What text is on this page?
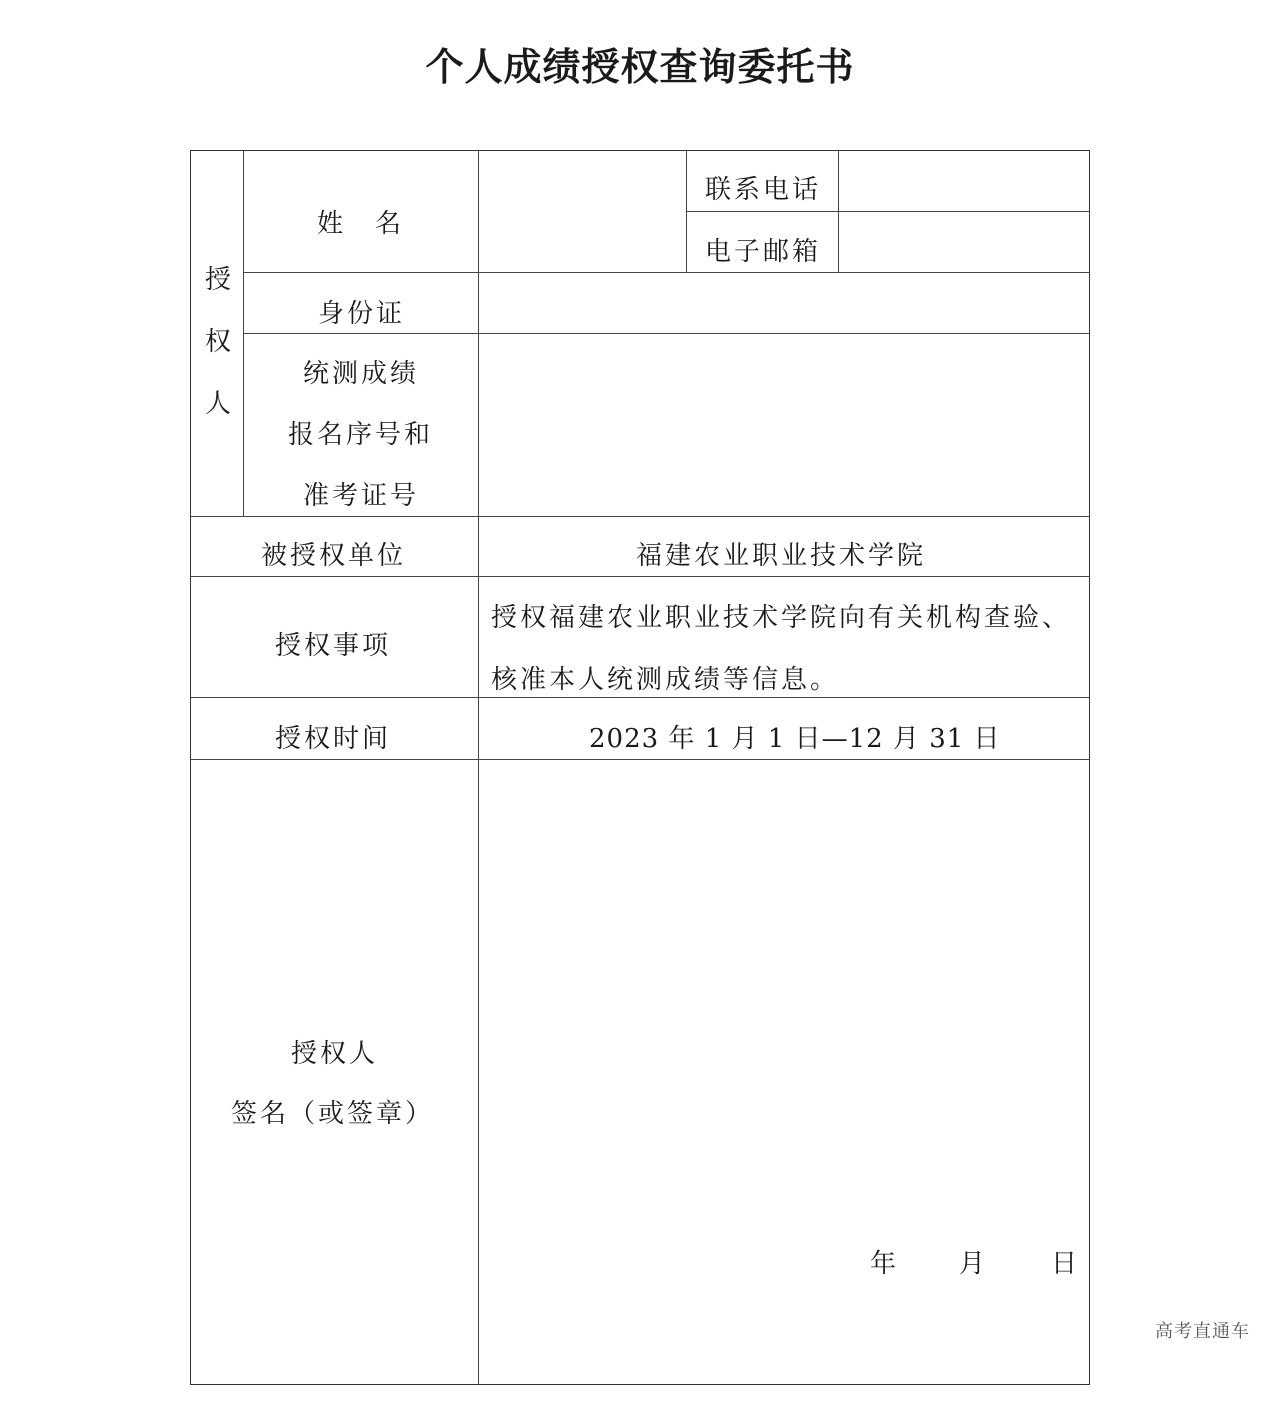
个人成绩授权查询委托书
授
权
人
姓　名
联系电话
电子邮箱
身份证
统测成绩
报名序号和
准考证号
被授权单位	福建农业职业技术学院
授权事项
授权福建农业职业技术学院向有关机构查验、
核准本人统测成绩等信息。
授权时间	2023 年 1 月 1 日—12 月 31 日
授权人
签名（或签章）
年 月 日
高考直通车
